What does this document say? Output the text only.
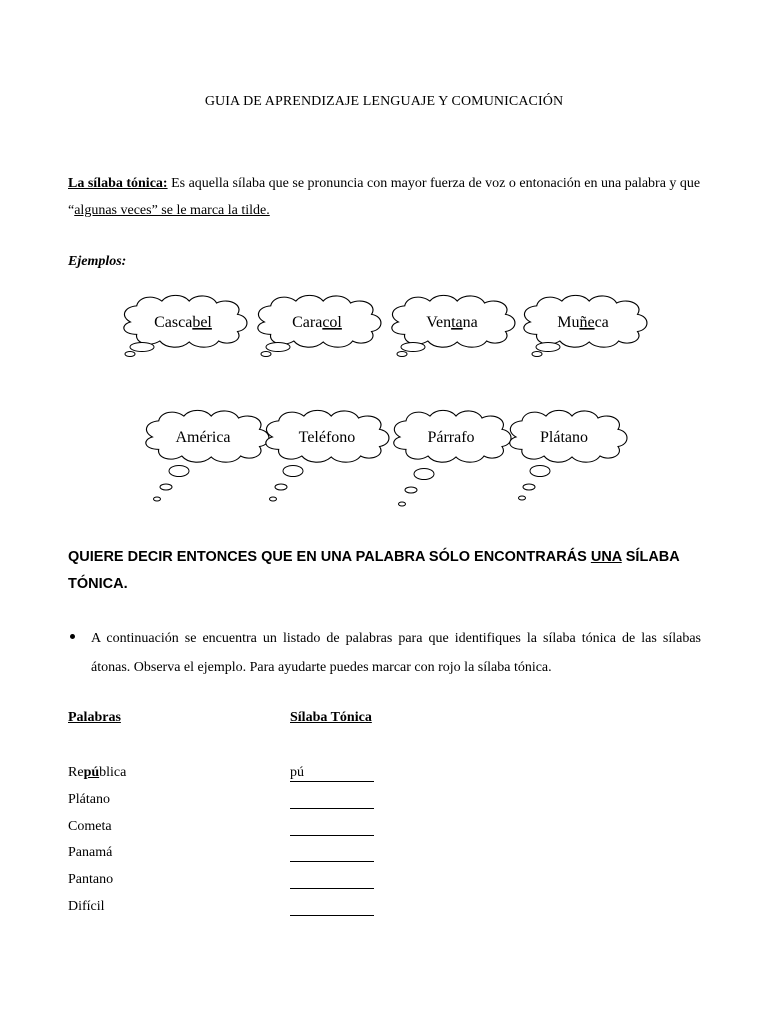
GUIA DE APRENDIZAJE LENGUAJE Y COMUNICACIÓN
La sílaba tónica: Es aquella sílaba que se pronuncia con mayor fuerza de voz o entonación en una palabra y que “algunas veces” se le marca la tilde.
Ejemplos:
Cascabel	Caracol	Ventana	Muñeca
América	Teléfono	Párrafo	Plátano
QUIERE DECIR ENTONCES QUE EN UNA PALABRA SÓLO ENCONTRARÁS UNA SÍLABA TÓNICA.
A continuación se encuentra un listado de palabras para que identifiques la sílaba tónica de las sílabas átonas. Observa el ejemplo. Para ayudarte puedes marcar con rojo la sílaba tónica.
Palabras	Sílaba Tónica
República	pú
Plátano
Cometa
Panamá
Pantano
Difícil
